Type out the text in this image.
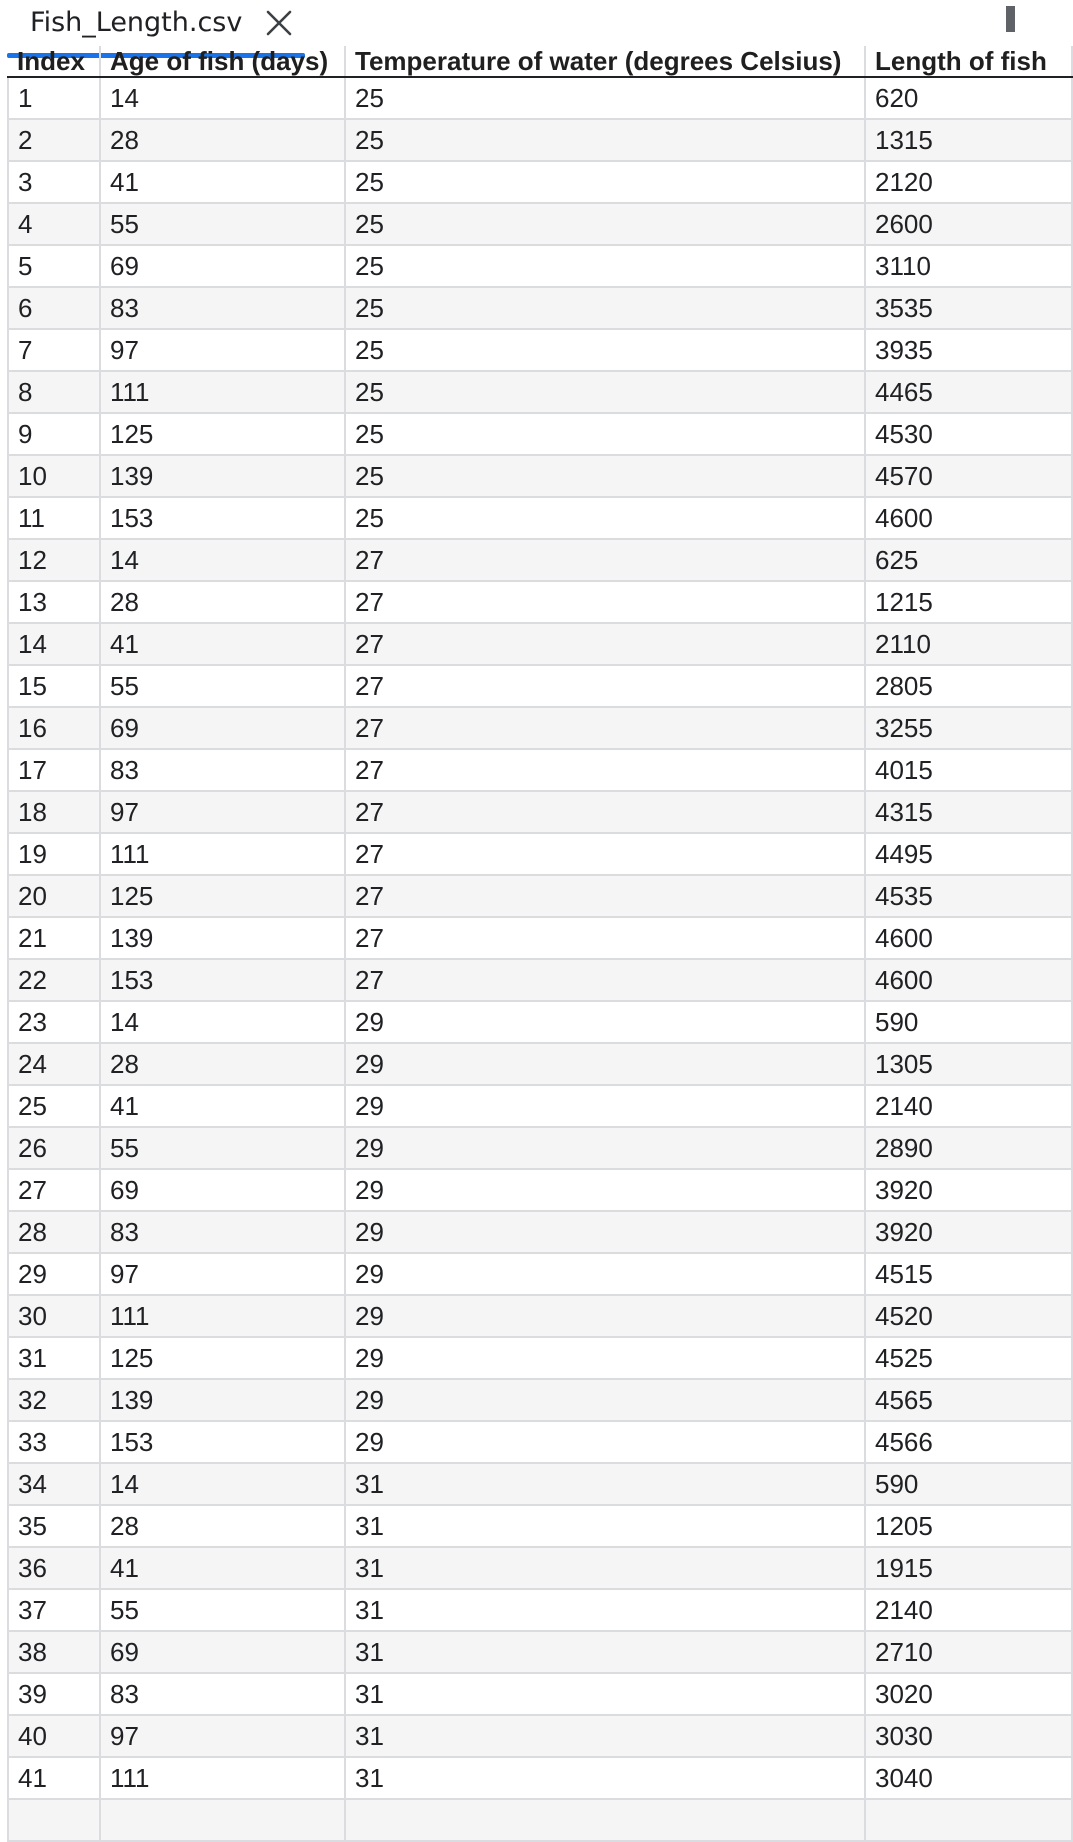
Fish_Length.csv
Index	Age of fish (days)	Temperature of water (degrees Celsius)	Length of fish
1	14	25	620
2	28	25	1315
3	41	25	2120
4	55	25	2600
5	69	25	3110
6	83	25	3535
7	97	25	3935
8	111	25	4465
9	125	25	4530
10	139	25	4570
11	153	25	4600
12	14	27	625
13	28	27	1215
14	41	27	2110
15	55	27	2805
16	69	27	3255
17	83	27	4015
18	97	27	4315
19	111	27	4495
20	125	27	4535
21	139	27	4600
22	153	27	4600
23	14	29	590
24	28	29	1305
25	41	29	2140
26	55	29	2890
27	69	29	3920
28	83	29	3920
29	97	29	4515
30	111	29	4520
31	125	29	4525
32	139	29	4565
33	153	29	4566
34	14	31	590
35	28	31	1205
36	41	31	1915
37	55	31	2140
38	69	31	2710
39	83	31	3020
40	97	31	3030
41	111	31	3040
